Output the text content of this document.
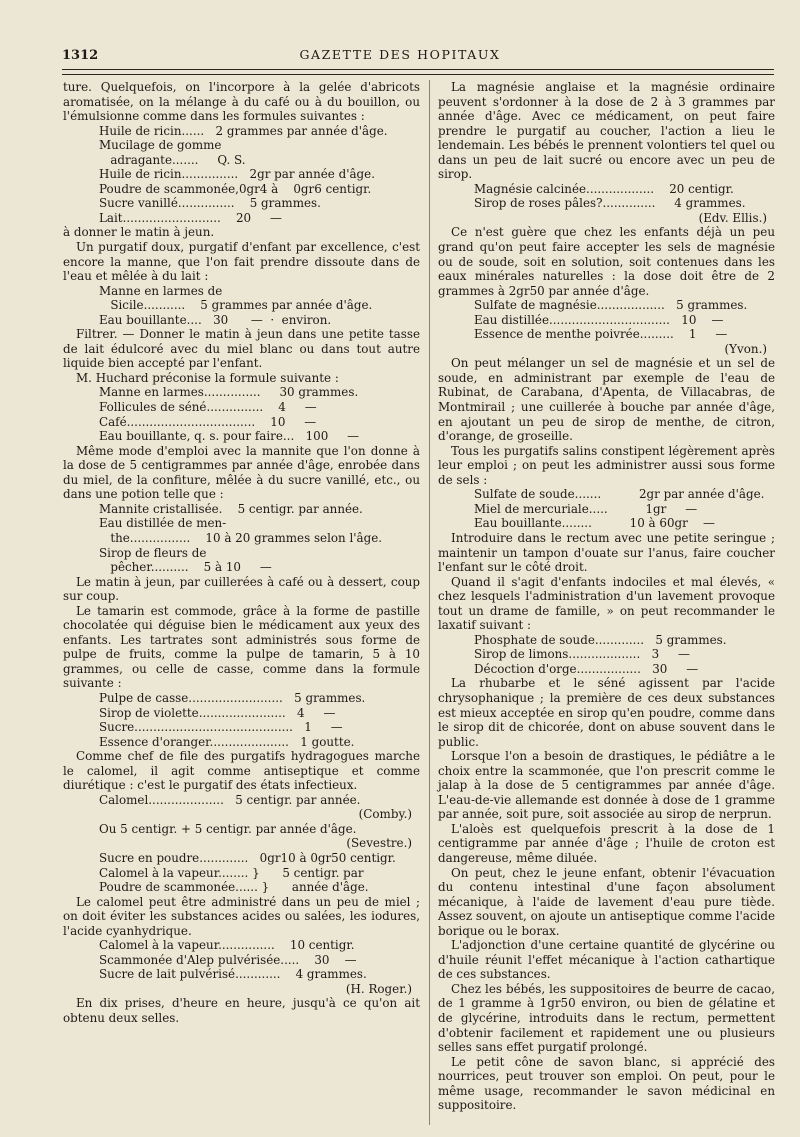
1312	GAZETTE DES HOPITAUX
ture. Quelquefois, on l'incorpore à la gelée d'abricots aromatisée, on la mélange à du café ou à du bouillon, ou l'émulsionne comme dans les formules suivantes :
Huile de ricin......   2 grammes par année d'âge.
Mucilage de gomme
adragante.......     Q. S.
Huile de ricin...............   2gr par année d'âge.
Poudre de scammonée,0gr4 à    0gr6 centigr.
Sucre vanillé...............    5 grammes.
Lait..........................    20     —
à donner le matin à jeun.
Un purgatif doux, purgatif d'enfant par excellence, c'est encore la manne, que l'on fait prendre dissoute dans de l'eau et mêlée à du lait :
Manne en larmes de
Sicile...........    5 grammes par année d'âge.
Eau bouillante....   30      —  ·  environ.
Filtrer. — Donner le matin à jeun dans une petite tasse de lait édulcoré avec du miel blanc ou dans tout autre liquide bien accepté par l'enfant.
M. Huchard préconise la formule suivante :
Manne en larmes...............     30 grammes.
Follicules de séné...............    4     —
Café..................................    10     —
Eau bouillante, q. s. pour faire...   100     —
Même mode d'emploi avec la mannite que l'on donne à la dose de 5 centigrammes par année d'âge, enrobée dans du miel, de la confiture, mêlée à du sucre vanillé, etc., ou dans une potion telle que :
Mannite cristallisée.    5 centigr. par année.
Eau distillée de men-
the................    10 à 20 grammes selon l'âge.
Sirop de fleurs de
pêcher..........    5 à 10     —
Le matin à jeun, par cuillerées à café ou à dessert, coup sur coup.
Le tamarin est commode, grâce à la forme de pastille chocolatée qui déguise bien le médicament aux yeux des enfants. Les tartrates sont administrés sous forme de pulpe de fruits, comme la pulpe de tamarin, 5 à 10 grammes, ou celle de casse, comme dans la formule suivante :
Pulpe de casse.........................   5 grammes.
Sirop de violette.......................   4     —
Sucre..........................................   1     —
Essence d'oranger.....................   1 goutte.
Comme chef de file des purgatifs hydragogues marche le calomel, il agit comme antiseptique et comme diurétique : c'est le purgatif des états infectieux.
Calomel....................   5 centigr. par année.
(Comby.)
Ou 5 centigr. + 5 centigr. par année d'âge.
(Sevestre.)
Sucre en poudre.............   0gr10 à 0gr50 centigr.
Calomel à la vapeur........ }      5 centigr. par
Poudre de scammonée...... }      année d'âge.
Le calomel peut être administré dans un peu de miel ; on doit éviter les substances acides ou salées, les iodures, l'acide cyanhydrique.
Calomel à la vapeur...............    10 centigr.
Scammonée d'Alep pulvérisée.....    30    —
Sucre de lait pulvérisé............    4 grammes.
(H. Roger.)
En dix prises, d'heure en heure, jusqu'à ce qu'on ait obtenu deux selles.
La magnésie anglaise et la magnésie ordinaire peuvent s'ordonner à la dose de 2 à 3 grammes par année d'âge. Avec ce médicament, on peut faire prendre le purgatif au coucher, l'action a lieu le lendemain. Les bébés le prennent volontiers tel quel ou dans un peu de lait sucré ou encore avec un peu de sirop.
Magnésie calcinée..................    20 centigr.
Sirop de roses pâles?..............     4 grammes.
(Edv. Ellis.)
Ce n'est guère que chez les enfants déjà un peu grand qu'on peut faire accepter les sels de magnésie ou de soude, soit en solution, soit contenues dans les eaux minérales naturelles : la dose doit être de 2 grammes à 2gr50 par année d'âge.
Sulfate de magnésie..................   5 grammes.
Eau distillée................................   10    —
Essence de menthe poivrée.........    1     —
(Yvon.)
On peut mélanger un sel de magnésie et un sel de soude, en administrant par exemple de l'eau de Rubinat, de Carabana, d'Apenta, de Villacabras, de Montmirail ; une cuillerée à bouche par année d'âge, en ajoutant un peu de sirop de menthe, de citron, d'orange, de groseille.
Tous les purgatifs salins constipent légèrement après leur emploi ; on peut les administrer aussi sous forme de sels :
Sulfate de soude.......          2gr par année d'âge.
Miel de mercuriale.....          1gr     —
Eau bouillante........          10 à 60gr    —
Introduire dans le rectum avec une petite seringue ; maintenir un tampon d'ouate sur l'anus, faire coucher l'enfant sur le côté droit.
Quand il s'agit d'enfants indociles et mal élevés, « chez lesquels l'administration d'un lavement provoque tout un drame de famille, » on peut recommander le laxatif suivant :
Phosphate de soude.............   5 grammes.
Sirop de limons...................   3     —
Décoction d'orge.................   30     —
La rhubarbe et le séné agissent par l'acide chrysophanique ; la première de ces deux substances est mieux acceptée en sirop qu'en poudre, comme dans le sirop dit de chicorée, dont on abuse souvent dans le public.
Lorsque l'on a besoin de drastiques, le pédiâtre a le choix entre la scammonée, que l'on prescrit comme le jalap à la dose de 5 centigrammes par année d'âge. L'eau-de-vie allemande est donnée à dose de 1 gramme par année, soit pure, soit associée au sirop de nerprun.
L'aloès est quelquefois prescrit à la dose de 1 centigramme par année d'âge ; l'huile de croton est dangereuse, même diluée.
On peut, chez le jeune enfant, obtenir l'évacuation du contenu intestinal d'une façon absolument mécanique, à l'aide de lavement d'eau pure tiède. Assez souvent, on ajoute un antiseptique comme l'acide borique ou le borax.
L'adjonction d'une certaine quantité de glycérine ou d'huile réunit l'effet mécanique à l'action cathartique de ces substances.
Chez les bébés, les suppositoires de beurre de cacao, de 1 gramme à 1gr50 environ, ou bien de gélatine et de glycérine, introduits dans le rectum, permettent d'obtenir facilement et rapidement une ou plusieurs selles sans effet purgatif prolongé.
Le petit cône de savon blanc, si apprécié des nourrices, peut trouver son emploi. On peut, pour le même usage, recommander le savon médicinal en suppositoire.
